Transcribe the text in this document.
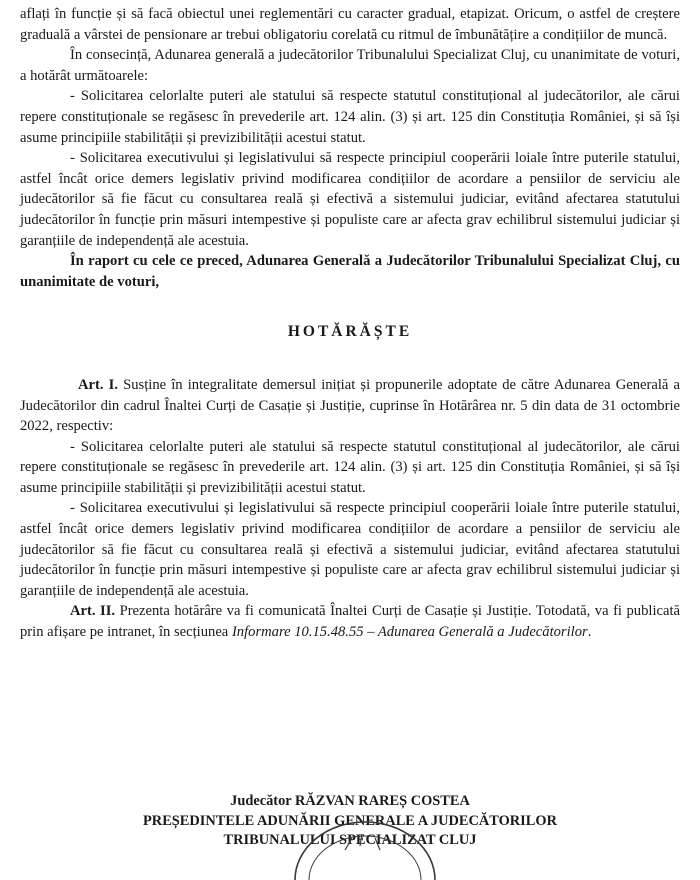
aflați în funcție și să facă obiectul unei reglementări cu caracter gradual, etapizat. Oricum, o astfel de creștere graduală a vârstei de pensionare ar trebui obligatoriu corelată cu ritmul de îmbunătățire a condițiilor de muncă.

În consecință, Adunarea generală a judecătorilor Tribunalului Specializat Cluj, cu unanimitate de voturi, a hotărât următoarele:

- Solicitarea celorlalte puteri ale statului să respecte statutul constituțional al judecătorilor, ale cărui repere constituționale se regăsesc în prevederile art. 124 alin. (3) și art. 125 din Constituția României, și să își asume principiile stabilității și previzibilității acestui statut.

- Solicitarea executivului și legislativului să respecte principiul cooperării loiale între puterile statului, astfel încât orice demers legislativ privind modificarea condițiilor de acordare a pensiilor de serviciu ale judecătorilor să fie făcut cu consultarea reală și efectivă a sistemului judiciar, evitând afectarea statutului judecătorilor în funcție prin măsuri intempestive și populiste care ar afecta grav echilibrul sistemului judiciar și garanțiile de independență ale acestuia.

În raport cu cele ce preced, Adunarea Generală a Judecătorilor Tribunalului Specializat Cluj, cu unanimitate de voturi,

HOTĂRĂȘTE

Art. I. Susține în integralitate demersul inițiat și propunerile adoptate de către Adunarea Generală a Judecătorilor din cadrul Înaltei Curți de Casație și Justiție, cuprinse în Hotărârea nr. 5 din data de 31 octombrie 2022, respectiv:

- Solicitarea celorlalte puteri ale statului să respecte statutul constituțional al judecătorilor, ale cărui repere constituționale se regăsesc în prevederile art. 124 alin. (3) și art. 125 din Constituția României, și să își asume principiile stabilității și previzibilității acestui statut.

- Solicitarea executivului și legislativului să respecte principiul cooperării loiale între puterile statului, astfel încât orice demers legislativ privind modificarea condițiilor de acordare a pensiilor de serviciu ale judecătorilor să fie făcut cu consultarea reală și efectivă a sistemului judiciar, evitând afectarea statutului judecătorilor în funcție prin măsuri intempestive și populiste care ar afecta grav echilibrul sistemului judiciar și garanțiile de independență ale acestuia.

Art. II. Prezenta hotărâre va fi comunicată Înaltei Curți de Casație și Justiție. Totodată, va fi publicată prin afișare pe intranet, în secțiunea Informare 10.15.48.55 – Adunarea Generală a Judecătorilor.

Judecător RĂZVAN RAREȘ COSTEA
PREȘEDINTELE ADUNĂRII GENERALE A JUDECĂTORILOR
TRIBUNALULUI SPECIALIZAT CLUJ
